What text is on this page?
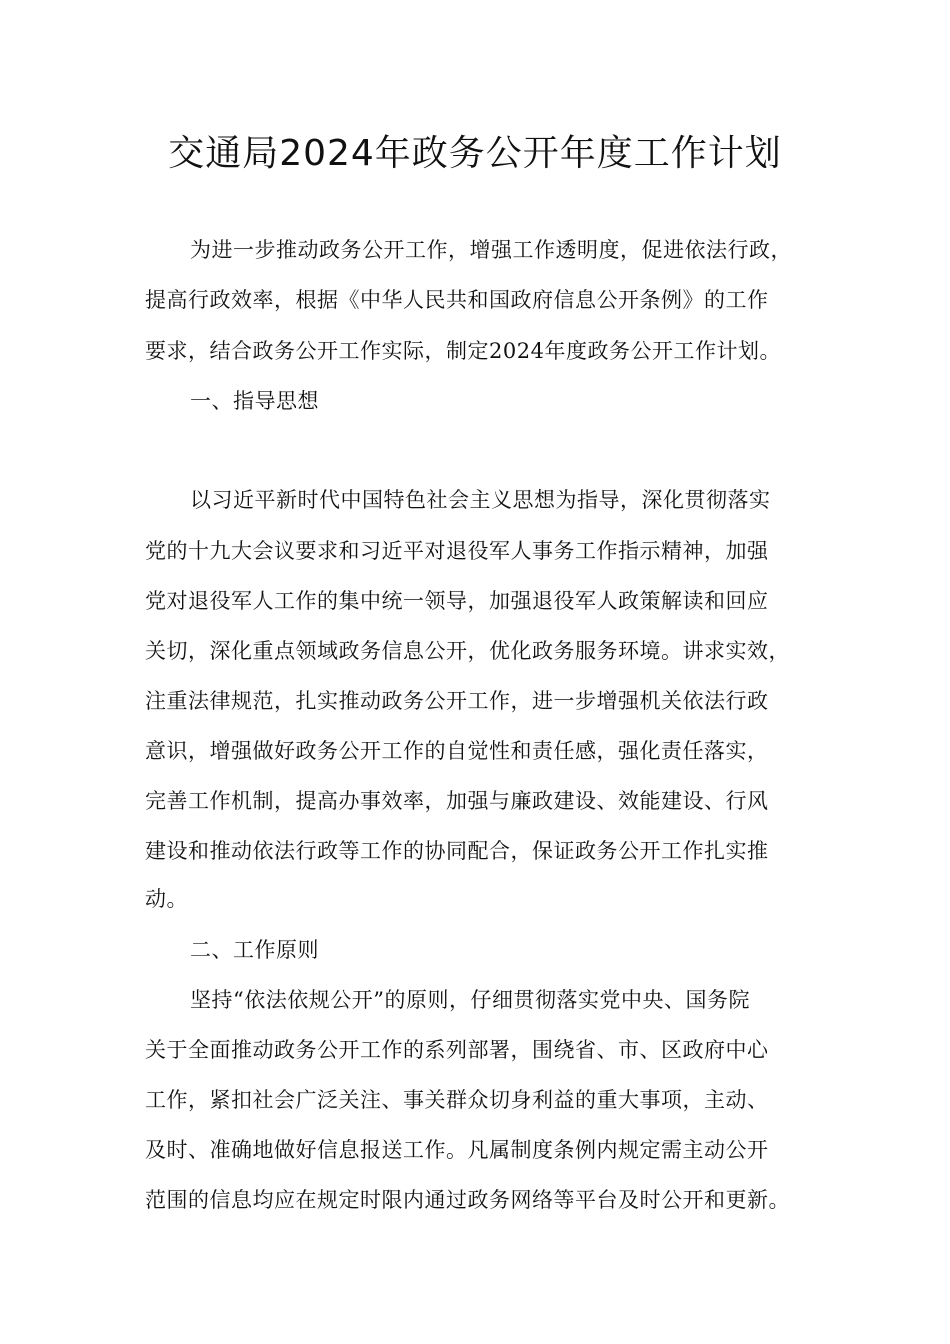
交通局2024年政务公开年度工作计划

为进一步推动政务公开工作，增强工作透明度，促进依法行政，

提高行政效率，根据《中华人民共和国政府信息公开条例》的工作

要求，结合政务公开工作实际，制定2024年度政务公开工作计划。

一、指导思想

以习近平新时代中国特色社会主义思想为指导，深化贯彻落实

党的十九大会议要求和习近平对退役军人事务工作指示精神，加强

党对退役军人工作的集中统一领导，加强退役军人政策解读和回应

关切，深化重点领域政务信息公开，优化政务服务环境。讲求实效，

注重法律规范，扎实推动政务公开工作，进一步增强机关依法行政

意识，增强做好政务公开工作的自觉性和责任感，强化责任落实，

完善工作机制，提高办事效率，加强与廉政建设、效能建设、行风

建设和推动依法行政等工作的协同配合，保证政务公开工作扎实推

动。

二、工作原则

坚持“依法依规公开”的原则，仔细贯彻落实党中央、国务院

关于全面推动政务公开工作的系列部署，围绕省、市、区政府中心

工作，紧扣社会广泛关注、事关群众切身利益的重大事项，主动、

及时、准确地做好信息报送工作。凡属制度条例内规定需主动公开

范围的信息均应在规定时限内通过政务网络等平台及时公开和更新。
